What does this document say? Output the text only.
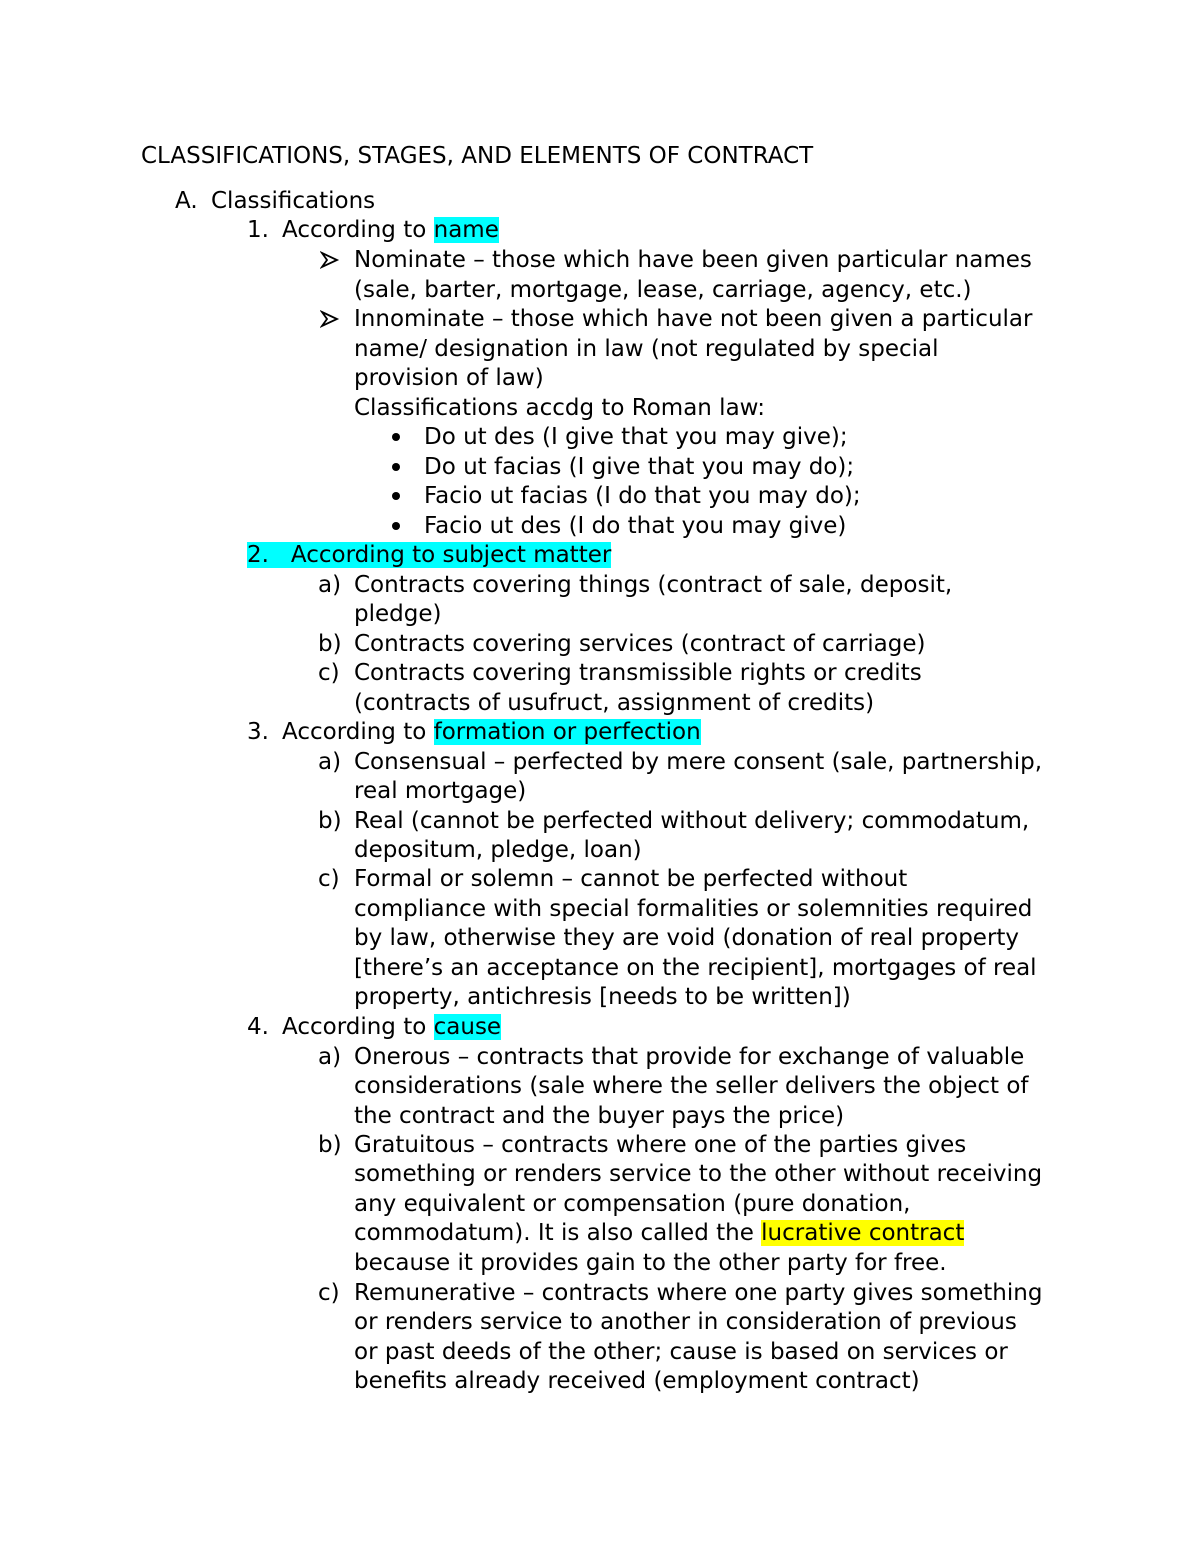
CLASSIFICATIONS, STAGES, AND ELEMENTS OF CONTRACT
A. Classifications
1. According to name
Nominate – those which have been given particular names
(sale, barter, mortgage, lease, carriage, agency, etc.)
Innominate – those which have not been given a particular
name/ designation in law (not regulated by special
provision of law)
Classifications accdg to Roman law:
Do ut des (I give that you may give);
Do ut facias (I give that you may do);
Facio ut facias (I do that you may do);
Facio ut des (I do that you may give)
2. According to subject matter
a) Contracts covering things (contract of sale, deposit,
pledge)
b) Contracts covering services (contract of carriage)
c) Contracts covering transmissible rights or credits
(contracts of usufruct, assignment of credits)
3. According to formation or perfection
a) Consensual – perfected by mere consent (sale, partnership,
real mortgage)
b) Real (cannot be perfected without delivery; commodatum,
depositum, pledge, loan)
c) Formal or solemn – cannot be perfected without
compliance with special formalities or solemnities required
by law, otherwise they are void (donation of real property
[there’s an acceptance on the recipient], mortgages of real
property, antichresis [needs to be written])
4. According to cause
a) Onerous – contracts that provide for exchange of valuable
considerations (sale where the seller delivers the object of
the contract and the buyer pays the price)
b) Gratuitous – contracts where one of the parties gives
something or renders service to the other without receiving
any equivalent or compensation (pure donation,
commodatum). It is also called the lucrative contract
because it provides gain to the other party for free.
c) Remunerative – contracts where one party gives something
or renders service to another in consideration of previous
or past deeds of the other; cause is based on services or
benefits already received (employment contract)
